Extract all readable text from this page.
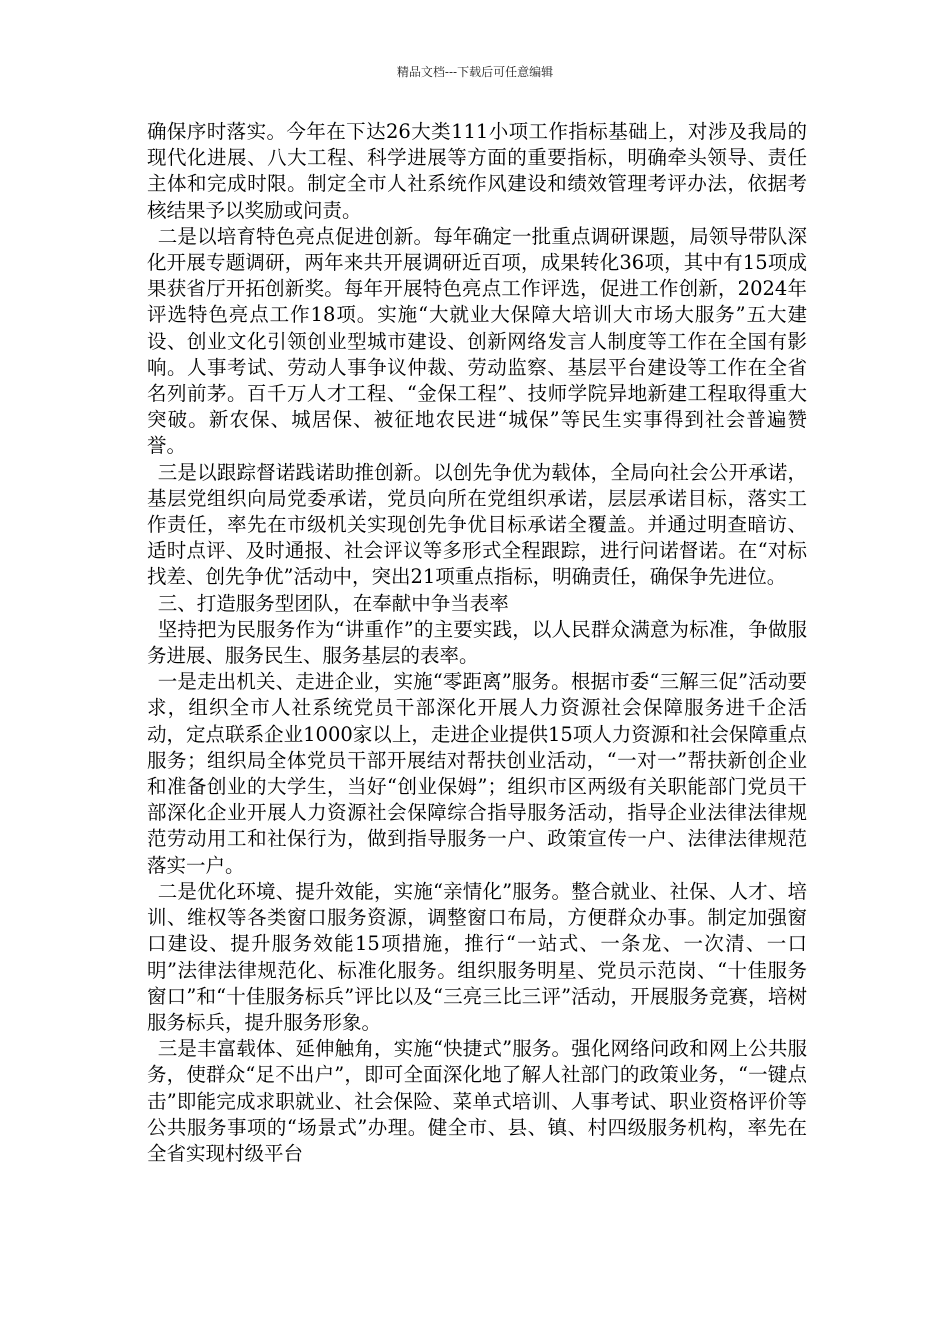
精品文档---下载后可任意编辑

确保序时落实。今年在下达26大类111小项工作指标基础上，对涉及我局的现代化进展、八大工程、科学进展等方面的重要指标，明确牵头领导、责任主体和完成时限。制定全市人社系统作风建设和绩效管理考评办法，依据考核结果予以奖励或问责。

二是以培育特色亮点促进创新。每年确定一批重点调研课题，局领导带队深化开展专题调研，两年来共开展调研近百项，成果转化36项，其中有15项成果获省厅开拓创新奖。每年开展特色亮点工作评选，促进工作创新，2024年评选特色亮点工作18项。实施“大就业大保障大培训大市场大服务”五大建设、创业文化引领创业型城市建设、创新网络发言人制度等工作在全国有影响。人事考试、劳动人事争议仲裁、劳动监察、基层平台建设等工作在全省名列前茅。百千万人才工程、“金保工程”、技师学院异地新建工程取得重大突破。新农保、城居保、被征地农民进“城保”等民生实事得到社会普遍赞誉。

三是以跟踪督诺践诺助推创新。以创先争优为载体，全局向社会公开承诺，基层党组织向局党委承诺，党员向所在党组织承诺，层层承诺目标，落实工作责任，率先在市级机关实现创先争优目标承诺全覆盖。并通过明查暗访、适时点评、及时通报、社会评议等多形式全程跟踪，进行问诺督诺。在“对标找差、创先争优”活动中，突出21项重点指标，明确责任，确保争先进位。

三、打造服务型团队，在奉献中争当表率

坚持把为民服务作为“讲重作”的主要实践，以人民群众满意为标准，争做服务进展、服务民生、服务基层的表率。

一是走出机关、走进企业，实施“零距离”服务。根据市委“三解三促”活动要求，组织全市人社系统党员干部深化开展人力资源社会保障服务进千企活动，定点联系企业1000家以上，走进企业提供15项人力资源和社会保障重点服务；组织局全体党员干部开展结对帮扶创业活动，“一对一”帮扶新创企业和准备创业的大学生，当好“创业保姆”；组织市区两级有关职能部门党员干部深化企业开展人力资源社会保障综合指导服务活动，指导企业法律法律规范劳动用工和社保行为，做到指导服务一户、政策宣传一户、法律法律规范落实一户。

二是优化环境、提升效能，实施“亲情化”服务。整合就业、社保、人才、培训、维权等各类窗口服务资源，调整窗口布局，方便群众办事。制定加强窗口建设、提升服务效能15项措施，推行“一站式、一条龙、一次清、一口明”法律法律规范化、标准化服务。组织服务明星、党员示范岗、“十佳服务窗口”和“十佳服务标兵”评比以及“三亮三比三评”活动，开展服务竞赛，培树服务标兵，提升服务形象。

三是丰富载体、延伸触角，实施“快捷式”服务。强化网络问政和网上公共服务，使群众“足不出户”，即可全面深化地了解人社部门的政策业务，“一键点击”即能完成求职就业、社会保险、菜单式培训、人事考试、职业资格评价等公共服务事项的“场景式”办理。健全市、县、镇、村四级服务机构，率先在全省实现村级平台
